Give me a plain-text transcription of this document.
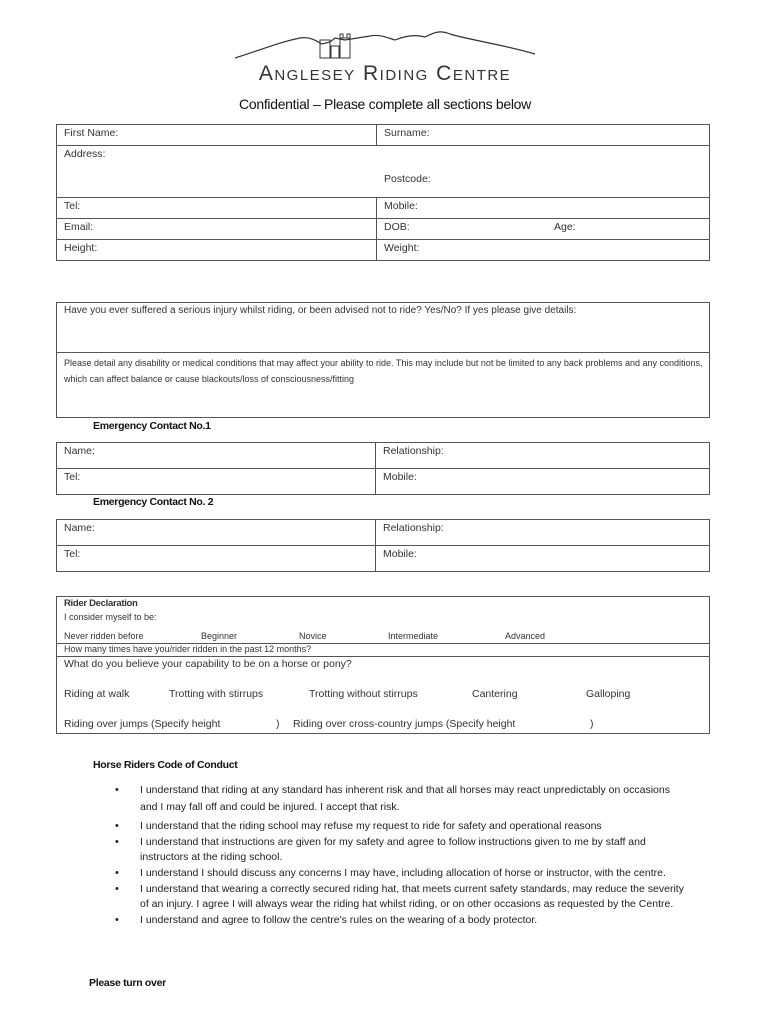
Anglesey Riding Centre
Confidential – Please complete all sections below
First Name:	Surname:
Address:
Postcode:	

Tel:	Mobile:
Email:	DOB: Age:

Height:	Weight:
Have you ever suffered a serious injury whilst riding, or been advised not to ride? Yes/No? If yes please give details:
Please detail any disability or medical conditions that may affect your ability to ride. This may include but not be limited to any back problems and any conditions, which can affect balance or cause blackouts/loss of consciousness/fitting
Emergency Contact No.1
Name:	Relationship:
Tel:	Mobile:
Emergency Contact No. 2
Name:	Relationship:
Tel:	Mobile:
Rider Declaration
I consider myself to be:
Never ridden before	Beginner	Novice	Intermediate	Advanced
How many times have you/rider ridden in the past 12 months?
What do you believe your capability to be on a horse or pony?
Riding at walk	Trotting with stirrups	Trotting without stirrups	Cantering	Galloping
Riding over jumps (Specify height	) Riding over cross-country jumps (Specify height	)
Horse Riders Code of Conduct
• I understand that riding at any standard has inherent risk and that all horses may react unpredictably on occasions and I may fall off and could be injured. I accept that risk.
• I understand that the riding school may refuse my request to ride for safety and operational reasons
• I understand that instructions are given for my safety and agree to follow instructions given to me by staff and instructors at the riding school.
• I understand I should discuss any concerns I may have, including allocation of horse or instructor, with the centre.
• I understand that wearing a correctly secured riding hat, that meets current safety standards, may reduce the severity of an injury. I agree I will always wear the riding hat whilst riding, or on other occasions as requested by the Centre.
• I understand and agree to follow the centre's rules on the wearing of a body protector.
Please turn over
